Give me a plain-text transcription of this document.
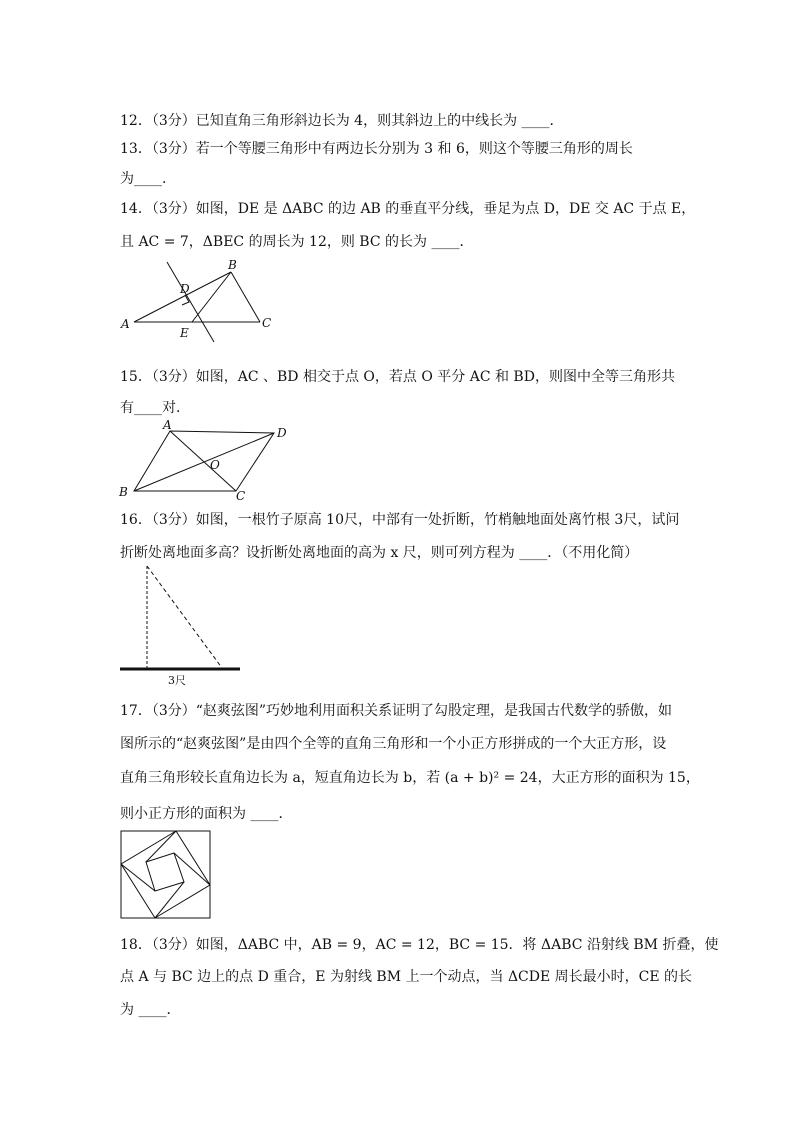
12．（3分）已知直角三角形斜边长为 4，则其斜边上的中线长为 ____．
13．（3分）若一个等腰三角形中有两边长分别为 3 和 6，则这个等腰三角形的周长
为____．
14．（3分）如图，DE 是 ΔABC 的边 AB 的垂直平分线，垂足为点 D，DE 交 AC 于点 E，
且 AC = 7，ΔBEC 的周长为 12，则 BC 的长为 ____．
15．（3分）如图，AC 、BD 相交于点 O，若点 O 平分 AC 和 BD，则图中全等三角形共
有____对．
16．（3分）如图，一根竹子原高 10尺，中部有一处折断，竹梢触地面处离竹根 3尺，试问
折断处离地面多高？设折断处离地面的高为 x 尺，则可列方程为 ____．（不用化简）
17．（3分）“赵爽弦图”巧妙地利用面积关系证明了勾股定理，是我国古代数学的骄傲，如
图所示的“赵爽弦图”是由四个全等的直角三角形和一个小正方形拼成的一个大正方形，设
直角三角形较长直角边长为 a，短直角边长为 b，若 (a + b)² = 24，大正方形的面积为 15，
则小正方形的面积为 ____．
18．（3分）如图，ΔABC 中，AB = 9，AC = 12，BC = 15．将 ΔABC 沿射线 BM 折叠，使
点 A 与 BC 边上的点 D 重合，E 为射线 BM 上一个动点，当 ΔCDE 周长最小时，CE 的长
为 ____．
A
B
C
D
E
A
B	C
D
O
3尺
